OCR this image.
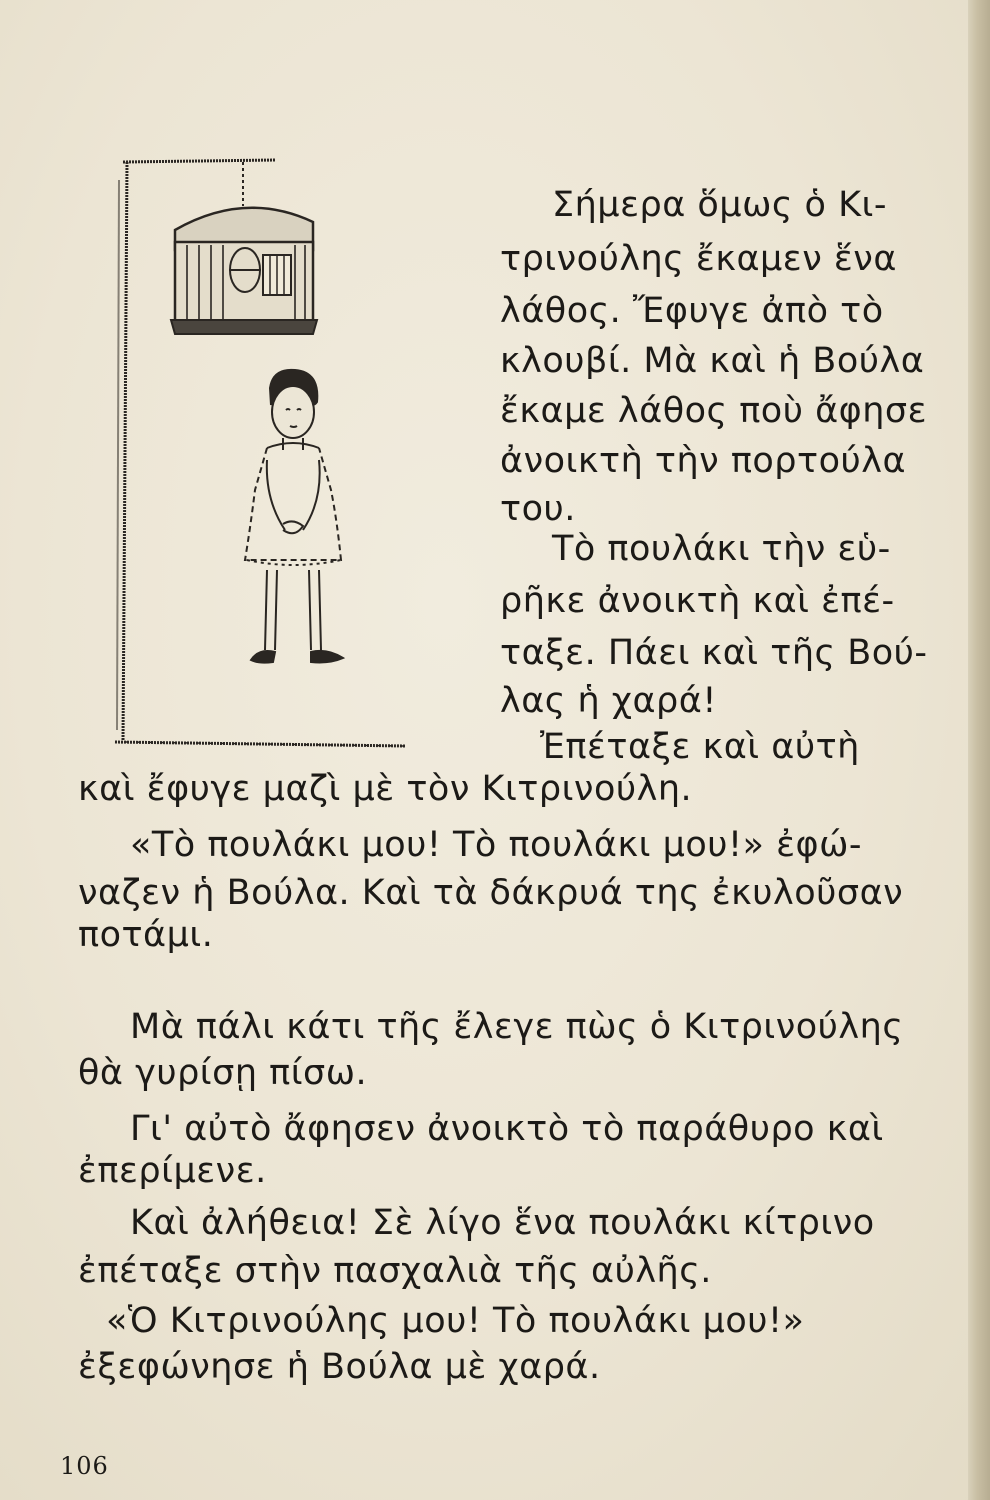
Σήμερα ὅμως ὁ Κι-
τρινούλης ἔκαμεν ἕνα
λάθος. Ἔφυγε ἀπὸ τὸ
κλουβί. Μὰ καὶ ἡ Βούλα
ἔκαμε λάθος ποὺ ἄφησε
ἀνοικτὴ τὴν πορτούλα
του.
Τὸ πουλάκι τὴν εὑ-
ρῆκε ἀνοικτὴ καὶ ἐπέ-
ταξε. Πάει καὶ τῆς Βού-
λας ἡ χαρά!
Ἐπέταξε καὶ αὐτὴ
καὶ ἔφυγε μαζὶ μὲ τὸν Κιτρινούλη.
«Τὸ πουλάκι μου! Τὸ πουλάκι μου!» ἐφώ-
ναζεν ἡ Βούλα. Καὶ τὰ δάκρυά της ἐκυλοῦσαν
ποτάμι.
Μὰ πάλι κάτι τῆς ἔλεγε πὼς ὁ Κιτρινούλης
θὰ γυρίσῃ πίσω.
Γι' αὐτὸ ἄφησεν ἀνοικτὸ τὸ παράθυρο καὶ
ἐπερίμενε.
Καὶ ἀλήθεια! Σὲ λίγο ἕνα πουλάκι κίτρινο
ἐπέταξε στὴν πασχαλιὰ τῆς αὐλῆς.
«Ὁ Κιτρινούλης μου! Τὸ πουλάκι μου!»
ἐξεφώνησε ἡ Βούλα μὲ χαρά.
106
